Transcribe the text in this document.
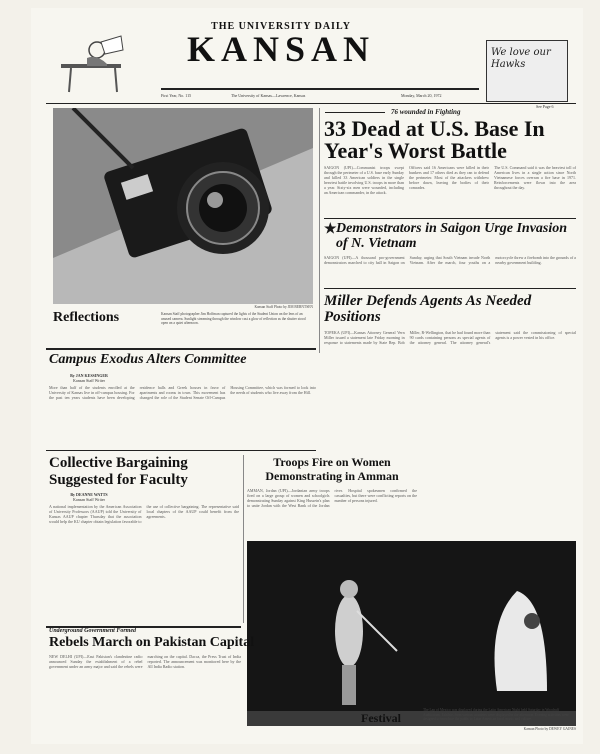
THE UNIVERSITY DAILY
KANSAN	We love our Hawks
First Year, No. 115	The University of Kansas—Lawrence, Kansas	Monday, March 20, 1972
See Page 6
Reflections
Kansan Staff Photo by JIM BERNTSEN
Kansan Staff photographer Jim Hoffman captured the lights of the Student Union on the lens of an unused camera. Sunlight streaming through the window cast a glow of reflection as the shutter stood open on a quiet afternoon.
76 wounded in Fighting
33 Dead at U.S. Base In Year's Worst Battle
SAIGON (UPI)—Communist troops swept through the perimeter of a U.S. base early Sunday and killed 33 American soldiers in the single heaviest battle involving U.S. troops in more than a year. Sixty-six men were wounded, including an American commander, in the attack.
Officers said 16 Americans were killed in their bunkers and 17 others died as they ran to defend the perimeter. Most of the attackers withdrew before dawn, leaving the bodies of their comrades.
The U.S. Command said it was the heaviest toll of American lives in a single action since North Vietnamese forces overran a fire base in 1971. Reinforcements were flown into the area throughout the day.
★ Demonstrators in Saigon Urge Invasion of N. Vietnam
SAIGON (UPI)—A thousand pro-government demonstrators marched to city hall in Saigon on Sunday, urging that South Vietnam invade North Vietnam. After the march, four youths on a motorcycle threw a firebomb into the grounds of a nearby government building.
Miller Defends Agents As Needed Positions
TOPEKA (UPI)—Kansas Attorney General Vern Miller issued a statement late Friday morning in response to statements made by State Rep. Bob Miller, R-Wellington, that he had found more than 90 cards containing persons as special agents of the attorney general. The attorney general's statement said the commissioning of special agents is a power vested in his office.
Campus Exodus Alters Committee
By JAN KESSINGER
Kansan Staff Writer
More than half of the students enrolled at the University of Kansas live in off-campus housing. For the past ten years students have been developing residence halls and Greek houses in favor of apartments and rooms in town. This movement has changed the role of the Student Senate Off-Campus Housing Committee, which was formed to look into the needs of students who live away from the Hill.
Collective Bargaining Suggested for Faculty
By DEANNE WATTS
Kansan Staff Writer
A national implementation by the American Association of University Professors (AAUP) told the University of Kansas AAUP chapter Thursday that the association would help the KU chapter obtain legislation favorable to the use of collective bargaining. The representative said local chapters of the AAUP could benefit from the agreements.
Troops Fire on Women Demonstrating in Amman
AMMAN, Jordan (UPI)—Jordanian army troops fired on a large group of women and schoolgirls demonstrating Sunday against King Hussein's plan to unite Jordan with the West Bank of the Jordan river. Hospital spokesmen confirmed the casualties, but there were conflicting reports on the number of persons injured.
Kansan Photo by DEWEY GAINES
Festival
The Lap of Mexico was displayed during the Latin American Night held Saturday in Woodruff Auditorium. Exhibits from various countries were displayed in the afternoon. Evening activities were designed to introduce the public to Latin American food, music and culture.
Underground Government Formed
Rebels March on Pakistan Capital
NEW DELHI (UPI)—East Pakistan's clandestine radio announced Sunday the establishment of a rebel government under an army major and said the rebels were marching on the capital. Dacca, the Press Trust of India reported. The announcement was monitored here by the All India Radio station.
